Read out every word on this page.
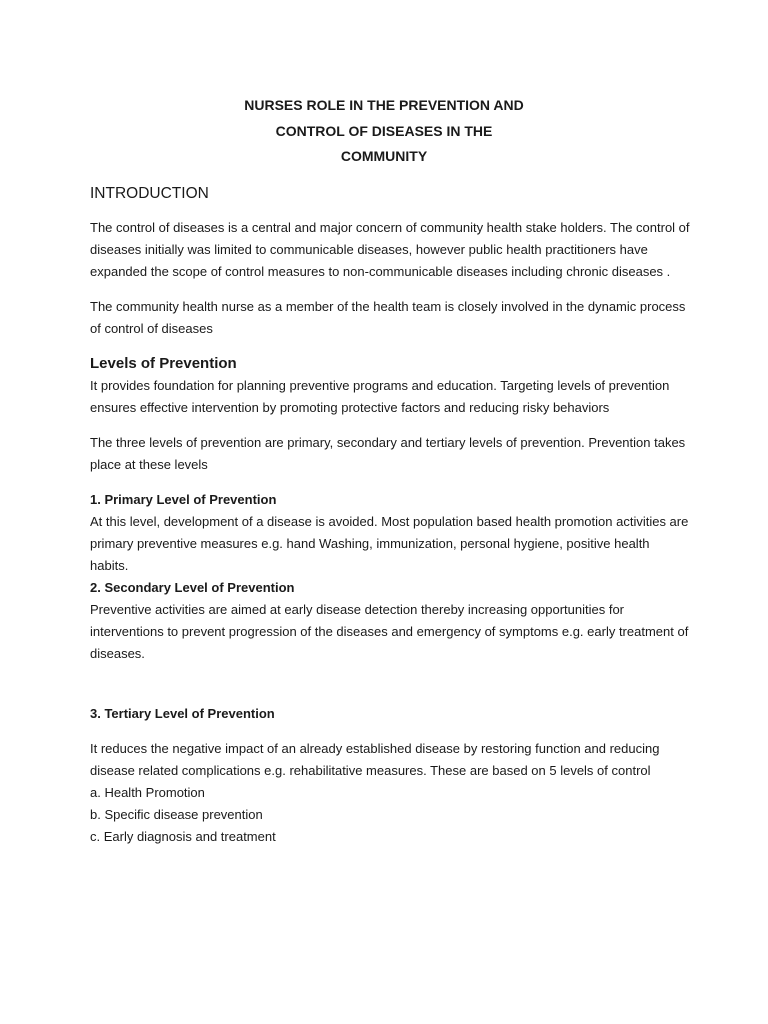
NURSES ROLE IN THE PREVENTION AND
CONTROL OF DISEASES IN THE
COMMUNITY
INTRODUCTION

The control of diseases is a central and major concern of community health stake holders. The control of diseases initially was limited to communicable diseases, however public health practitioners have expanded the scope of control measures to non-communicable diseases including chronic diseases .

The community health nurse as a member of the health team is closely involved in the dynamic process of control of diseases

Levels of Prevention

It provides foundation for planning preventive programs and education. Targeting levels of prevention ensures effective intervention by promoting protective factors and reducing risky behaviors

The three levels of prevention are primary, secondary and tertiary levels of prevention. Prevention takes place at these levels

1. Primary Level of Prevention

At this level, development of a disease is avoided. Most population based health promotion activities are primary preventive measures e.g. hand Washing, immunization, personal hygiene, positive health habits.

2. Secondary Level of Prevention

Preventive activities are aimed at early disease detection thereby increasing opportunities for interventions to prevent progression of the diseases and emergency of symptoms e.g. early treatment of diseases.

3. Tertiary Level of Prevention

It reduces the negative impact of an already established disease by restoring function and reducing disease related complications e.g. rehabilitative measures. These are based on 5 levels of control

a. Health Promotion

b. Specific disease prevention

c. Early diagnosis and treatment
